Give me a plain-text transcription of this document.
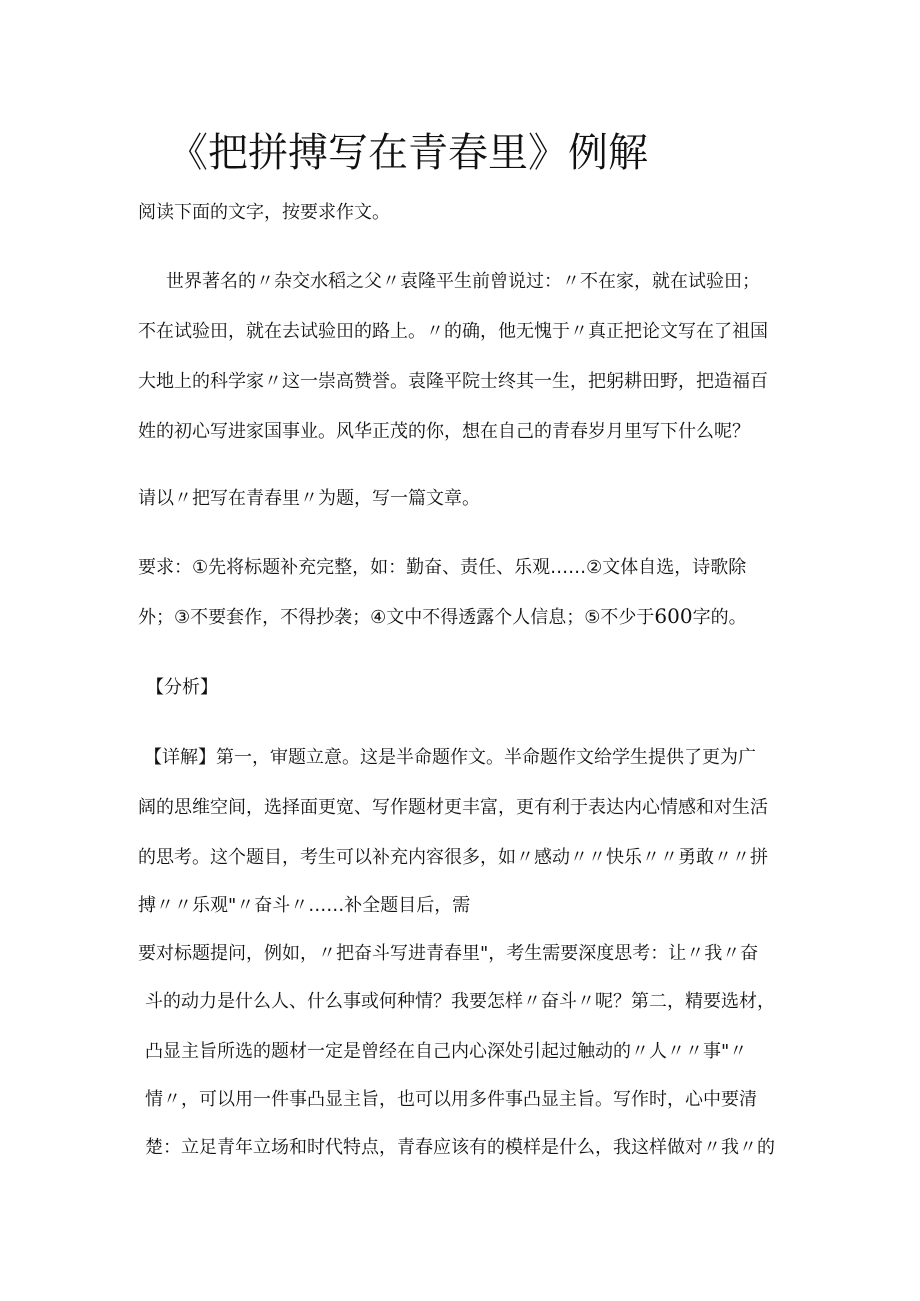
《把拼搏写在青春里》例解
阅读下面的文字，按要求作文。
世界著名的〃杂交水稻之父〃袁隆平生前曾说过：〃不在家，就在试验田；
不在试验田，就在去试验田的路上。〃的确，他无愧于〃真正把论文写在了祖国
大地上的科学家〃这一崇高赞誉。袁隆平院士终其一生，把躬耕田野，把造福百
姓的初心写进家国事业。风华正茂的你，想在自己的青春岁月里写下什么呢？
请以〃把写在青春里〃为题，写一篇文章。
要求：①先将标题补充完整，如：勤奋、责任、乐观……②文体自选，诗歌除
外；③不要套作，不得抄袭；④文中不得透露个人信息；⑤不少于600字的。
【分析】
【详解】第一，审题立意。这是半命题作文。半命题作文给学生提供了更为广
阔的思维空间，选择面更宽、写作题材更丰富，更有利于表达内心情感和对生活
的思考。这个题目，考生可以补充内容很多，如〃感动〃〃快乐〃〃勇敢〃〃拼
搏〃〃乐观"〃奋斗〃……补全题目后，需
要对标题提问，例如，〃把奋斗写进青春里"，考生需要深度思考：让〃我〃奋
斗的动力是什么人、什么事或何种情？我要怎样〃奋斗〃呢？第二，精要选材，
凸显主旨所选的题材一定是曾经在自己内心深处引起过触动的〃人〃〃事"〃
情〃，可以用一件事凸显主旨，也可以用多件事凸显主旨。写作时，心中要清
楚：立足青年立场和时代特点，青春应该有的模样是什么，我这样做对〃我〃的
